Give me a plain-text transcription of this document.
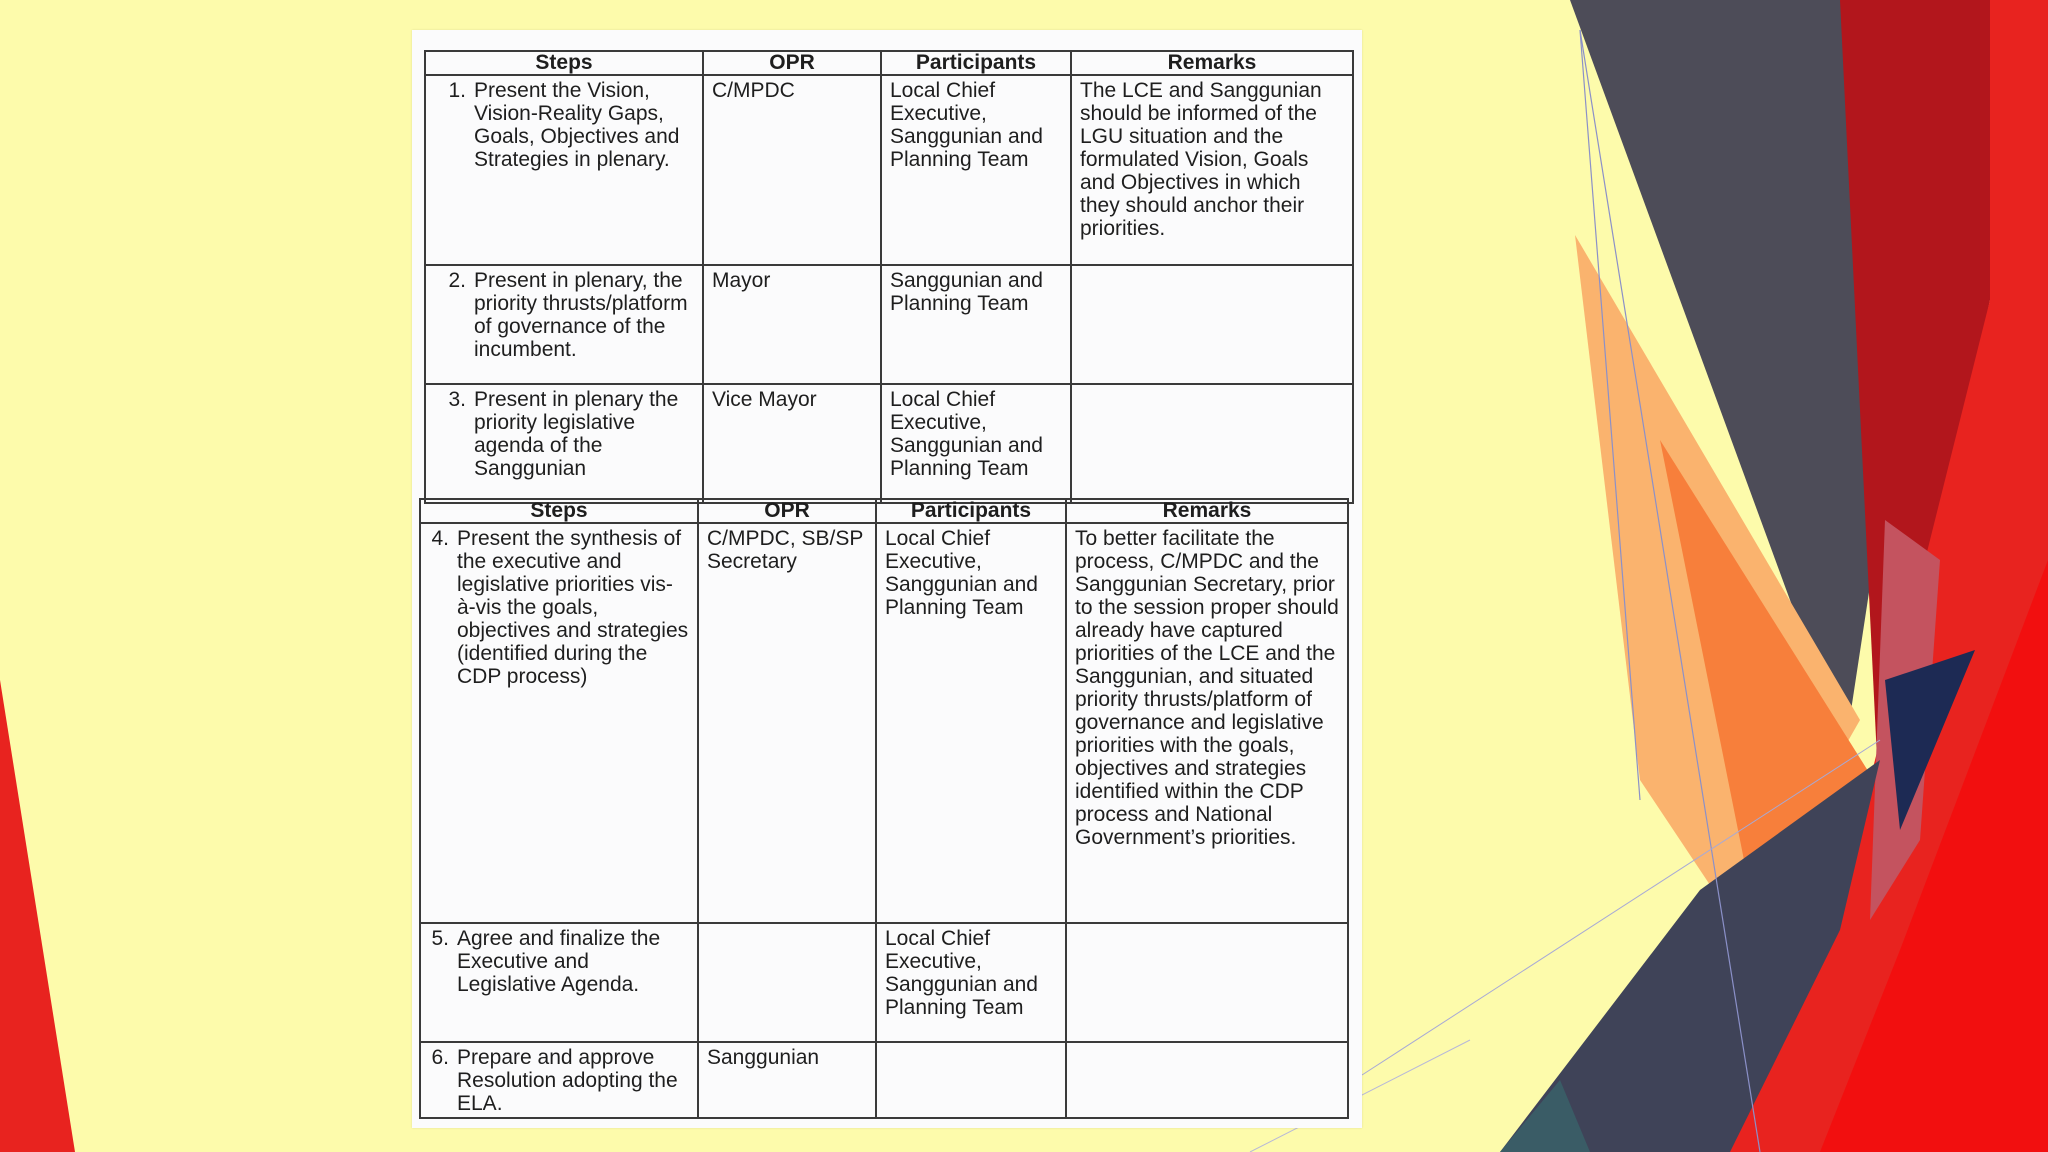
Steps	OPR	Participants	Remarks

1. Present the Vision, Vision-Reality Gaps, Goals, Objectives and Strategies in plenary.	C/MPDC	Local Chief Executive, Sanggunian and Planning Team	The LCE and Sanggunian should be informed of the LGU situation and the formulated Vision, Goals and Objectives in which they should anchor their priorities.

2. Present in plenary, the priority thrusts/platform of governance of the incumbent.	Mayor	Sanggunian and Planning Team	

3. Present in plenary the priority legislative agenda of the Sanggunian	Vice Mayor	Local Chief Executive, Sanggunian and Planning Team	
Steps	OPR	Participants	Remarks

4. Present the synthesis of the executive and legislative priorities vis-à-vis the goals, objectives and strategies (identified during the CDP process)	C/MPDC, SB/SP Secretary	Local Chief Executive, Sanggunian and Planning Team	To better facilitate the process, C/MPDC and the Sanggunian Secretary, prior to the session proper should already have captured priorities of the LCE and the Sanggunian, and situated priority thrusts/platform of governance and legislative priorities with the goals, objectives and strategies identified within the CDP process and National Government’s priorities.

5. Agree and finalize the Executive and Legislative Agenda.		Local Chief Executive, Sanggunian and Planning Team	

6. Prepare and approve Resolution adopting the ELA.	Sanggunian		
